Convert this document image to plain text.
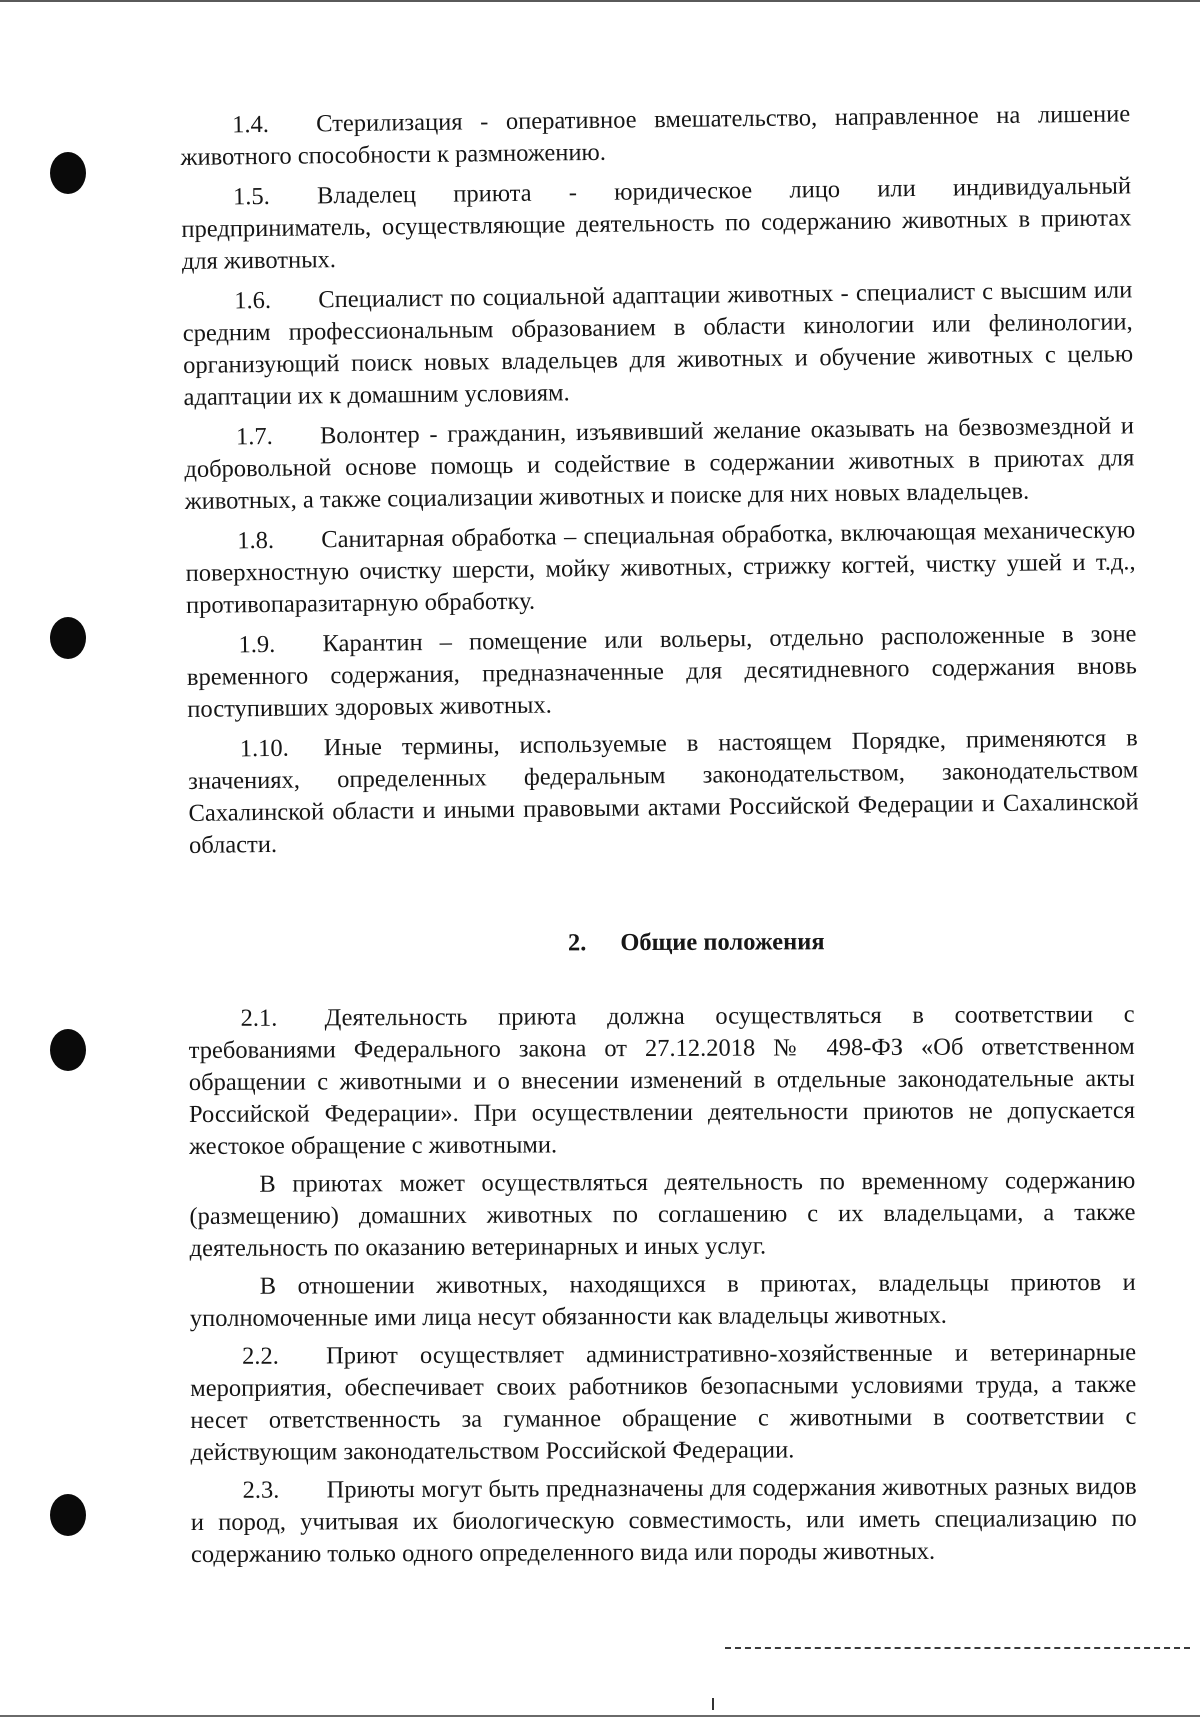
1.4. Стерилизация - оперативное вмешательство, направленное на лишение животного способности к размножению.

1.5. Владелец приюта - юридическое лицо или индивидуальный предприниматель, осуществляющие деятельность по содержанию животных в приютах для животных.

1.6. Специалист по социальной адаптации животных - специалист с высшим или средним профессиональным образованием в области кинологии или фелинологии, организующий поиск новых владельцев для животных и обучение животных с целью адаптации их к домашним условиям.

1.7. Волонтер - гражданин, изъявивший желание оказывать на безвозмездной и добровольной основе помощь и содействие в содержании животных в приютах для животных, а также социализации животных и поиске для них новых владельцев.

1.8. Санитарная обработка – специальная обработка, включающая механическую поверхностную очистку шерсти, мойку животных, стрижку когтей, чистку ушей и т.д., противопаразитарную обработку.

1.9. Карантин – помещение или вольеры, отдельно расположенные в зоне временного содержания, предназначенные для десятидневного содержания вновь поступивших здоровых животных.

1.10. Иные термины, используемые в настоящем Порядке, применяются в значениях, определенных федеральным законодательством, законодательством Сахалинской области и иными правовыми актами Российской Федерации и Сахалинской области.

2. Общие положения

2.1. Деятельность приюта должна осуществляться в соответствии с требованиями Федерального закона от 27.12.2018 № 498-ФЗ «Об ответственном обращении с животными и о внесении изменений в отдельные законодательные акты Российской Федерации». При осуществлении деятельности приютов не допускается жестокое обращение с животными.

В приютах может осуществляться деятельность по временному содержанию (размещению) домашних животных по соглашению с их владельцами, а также деятельность по оказанию ветеринарных и иных услуг.

В отношении животных, находящихся в приютах, владельцы приютов и уполномоченные ими лица несут обязанности как владельцы животных.

2.2. Приют осуществляет административно-хозяйственные и ветеринарные мероприятия, обеспечивает своих работников безопасными условиями труда, а также несет ответственность за гуманное обращение с животными в соответствии с действующим законодательством Российской Федерации.

2.3. Приюты могут быть предназначены для содержания животных разных видов и пород, учитывая их биологическую совместимость, или иметь специализацию по содержанию только одного определенного вида или породы животных.
